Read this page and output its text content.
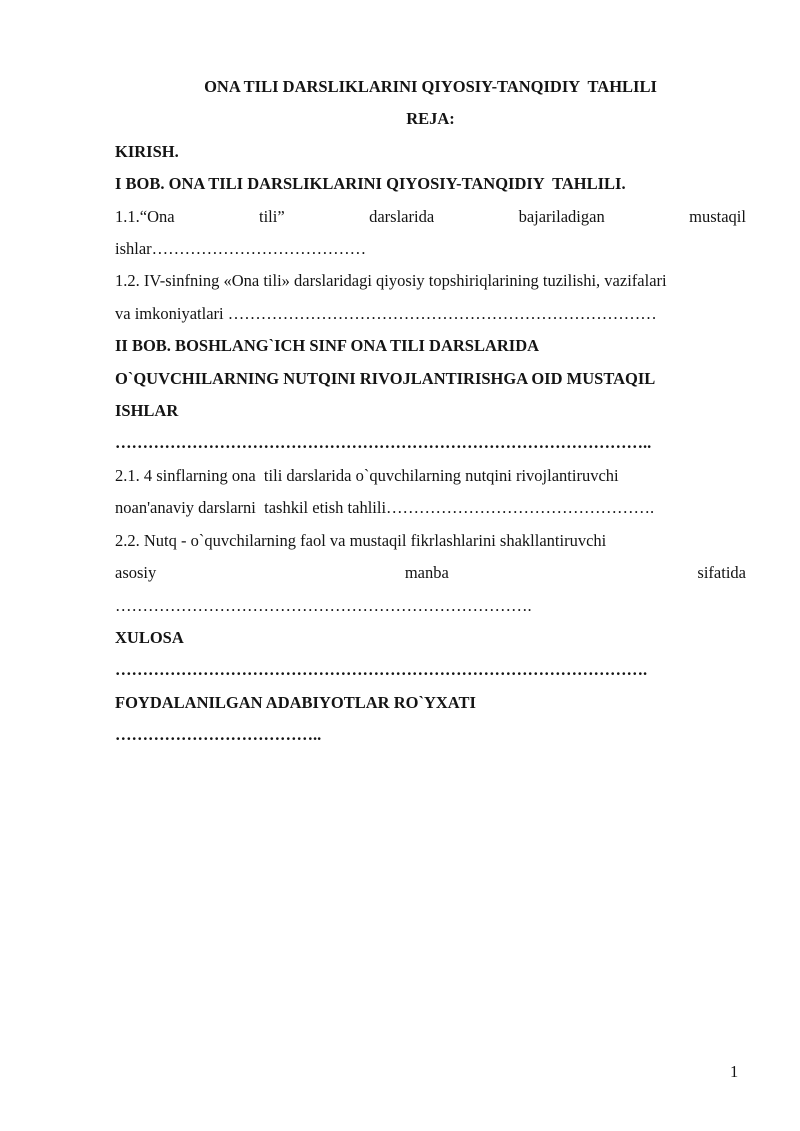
ONA TILI DARSLIKLARINI QIYOSIY-TANQIDIY  TAHLILI

REJA:

KIRISH.

I BOB. ONA TILI DARSLIKLARINI QIYOSIY-TANQIDIY  TAHLILI.

1.1.“Ona	tili”	darslarida	bajariladigan	mustaqil

ishlar…………………………………

1.2. IV-sinfning «Ona tili» darslaridagi qiyosiy topshiriqlarining tuzilishi, vazifalari

va imkoniyatlari ……………………………………………………………………

II BOB. BOSHLANG`ICH SINF ONA TILI DARSLARIDA

O`QUVCHILARNING NUTQINI RIVOJLANTIRISHGA OID MUSTAQIL

ISHLAR

……………………………………………………………………………………..

2.1. 4 sinflarning ona  tili darslarida o`quvchilarning nutqini rivojlantiruvchi

noan'anaviy darslarni  tashkil etish tahlili………………………………………….

2.2. Nutq - o`quvchilarning faol va mustaqil fikrlashlarini shakllantiruvchi

asosiy	manba	sifatida

………………………………………………………………….

XULOSA

…………………………………………………………………………………….

FOYDALANILGAN ADABIYOTLAR RO`YXATI

………………………………..

1
